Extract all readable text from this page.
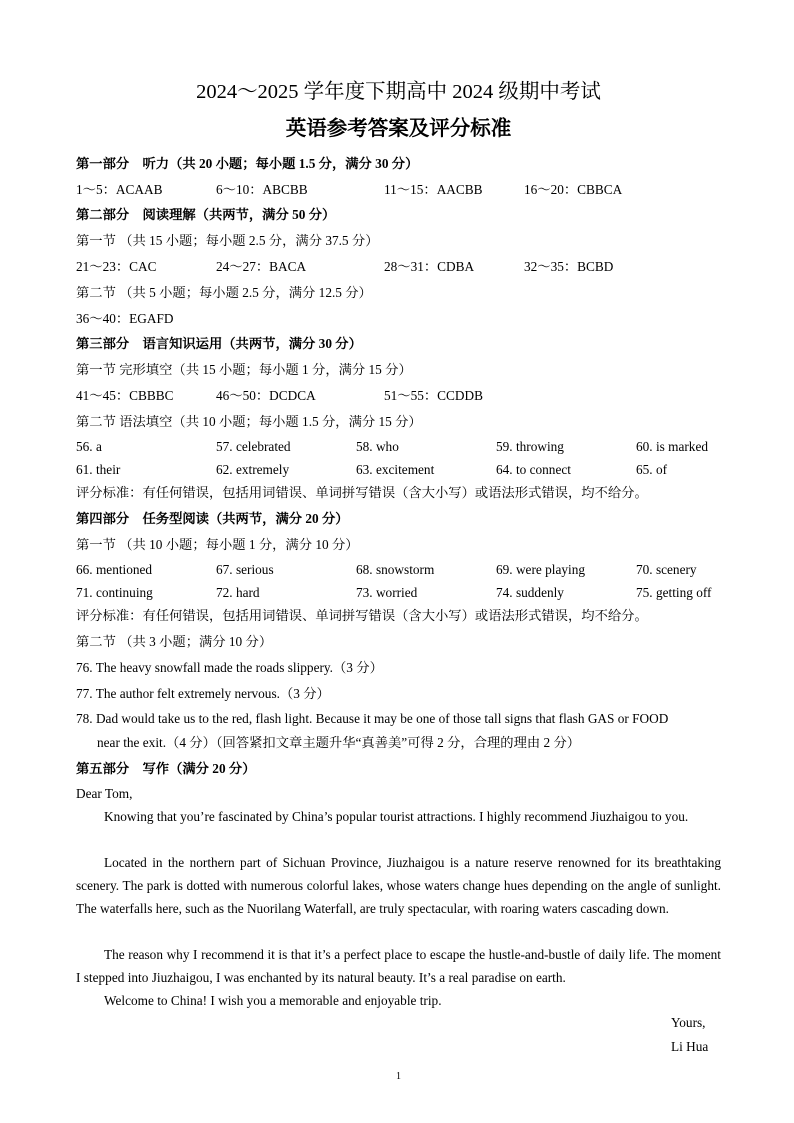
2024～2025 学年度下期高中 2024 级期中考试
英语参考答案及评分标准
第一部分　听力（共 20 小题；每小题 1.5 分，满分 30 分）
1～5：ACAAB	6～10：ABCBB	11～15：AACBB	16～20：CBBCA
第二部分　阅读理解（共两节，满分 50 分）
第一节 （共 15 小题；每小题 2.5 分，满分 37.5 分）
21～23：CAC	24～27：BACA	28～31：CDBA	32～35：BCBD
第二节 （共 5 小题；每小题 2.5 分，满分 12.5 分）
36～40：EGAFD
第三部分　语言知识运用（共两节，满分 30 分）
第一节 完形填空（共 15 小题；每小题 1 分，满分 15 分）
41～45：CBBBC	46～50：DCDCA	51～55：CCDDB
第二节 语法填空（共 10 小题；每小题 1.5 分，满分 15 分）
56. a	57. celebrated	58. who	59. throwing	60. is marked
61. their	62. extremely	63. excitement	64. to connect	65. of
评分标准：有任何错误，包括用词错误、单词拼写错误（含大小写）或语法形式错误，均不给分。
第四部分　任务型阅读（共两节，满分 20 分）
第一节 （共 10 小题；每小题 1 分，满分 10 分）
66. mentioned	67. serious	68. snowstorm	69. were playing	70. scenery
71. continuing	72. hard	73. worried	74. suddenly	75. getting off
评分标准：有任何错误，包括用词错误、单词拼写错误（含大小写）或语法形式错误，均不给分。
第二节 （共 3 小题；满分 10 分）
76. The heavy snowfall made the roads slippery.（3 分）
77. The author felt extremely nervous.（3 分）
78. Dad would take us to the red, flash light. Because it may be one of those tall signs that flash GAS or FOOD
near the exit.（4 分）（回答紧扣文章主题升华“真善美”可得 2 分，合理的理由 2 分）
第五部分　写作（满分 20 分）
Dear Tom,
Knowing that you’re fascinated by China’s popular tourist attractions. I highly recommend Jiuzhaigou to you.
Located in the northern part of Sichuan Province, Jiuzhaigou is a nature reserve renowned for its breathtaking scenery. The park is dotted with numerous colorful lakes, whose waters change hues depending on the angle of sunlight. The waterfalls here, such as the Nuorilang Waterfall, are truly spectacular, with roaring waters cascading down.
The reason why I recommend it is that it’s a perfect place to escape the hustle-and-bustle of daily life. The moment I stepped into Jiuzhaigou, I was enchanted by its natural beauty. It’s a real paradise on earth.
Welcome to China! I wish you a memorable and enjoyable trip.
Yours,
Li Hua
1
